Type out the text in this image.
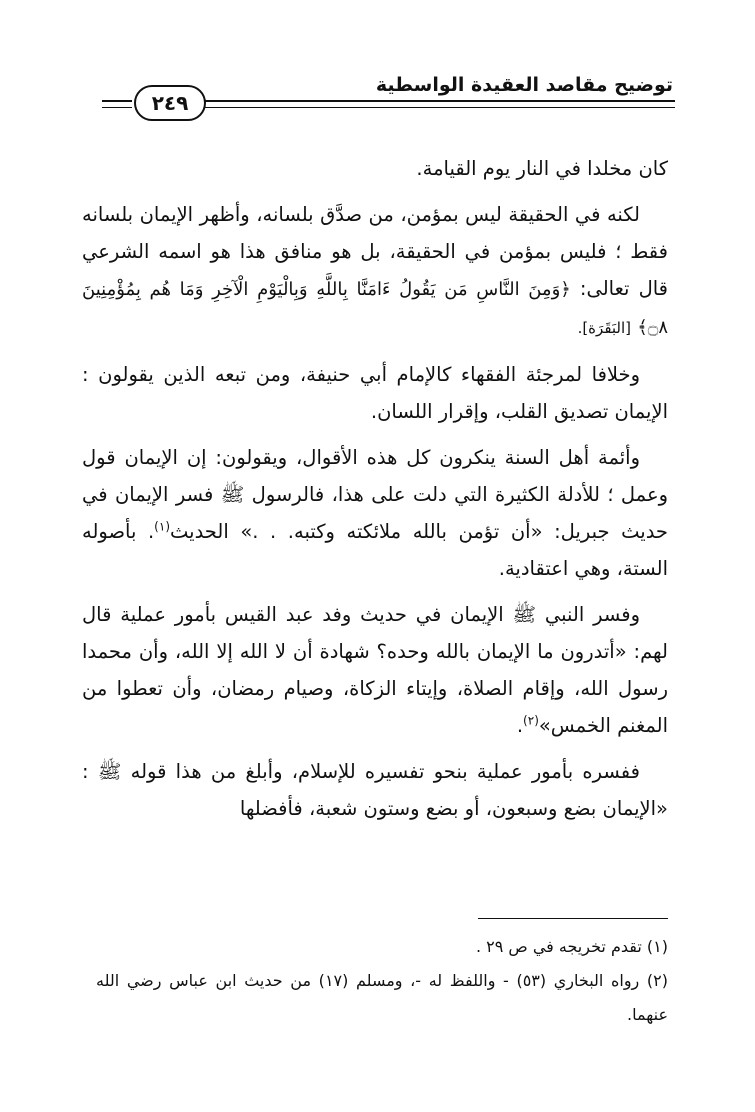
توضيح مقاصد العقيدة الواسطية
٢٤٩

كان مخلدا في النار يوم القيامة.

لكنه في الحقيقة ليس بمؤمن، من صدَّق بلسانه، وأظهر الإيمان بلسانه فقط ؛ فليس بمؤمن في الحقيقة، بل هو منافق هذا هو اسمه الشرعي قال تعالى: ﴿وَمِنَ النَّاسِ مَن يَقُولُ ءَامَنَّا بِاللَّهِ وَبِالْيَوْمِ الْآخِرِ وَمَا هُم بِمُؤْمِنِينَ ۝٨﴾ [البَقَرَة].

وخلافا لمرجئة الفقهاء كالإمام أبي حنيفة، ومن تبعه الذين يقولون : الإيمان تصديق القلب، وإقرار اللسان.

وأئمة أهل السنة ينكرون كل هذه الأقوال، ويقولون: إن الإيمان قول وعمل ؛ للأدلة الكثيرة التي دلت على هذا، فالرسول ﷺ فسر الإيمان في حديث جبريل: «أن تؤمن بالله ملائكته وكتبه. . .» الحديث$^{(١)}$. بأصوله الستة، وهي اعتقادية.

وفسر النبي ﷺ الإيمان في حديث وفد عبد القيس بأمور عملية قال لهم: «أتدرون ما الإيمان بالله وحده؟ شهادة أن لا الله إلا الله، وأن محمدا رسول الله، وإقام الصلاة، وإيتاء الزكاة، وصيام رمضان، وأن تعطوا من المغنم الخمس»$^{(٢)}$.

ففسره بأمور عملية بنحو تفسيره للإسلام، وأبلغ من هذا قوله ﷺ : «الإيمان بضع وسبعون، أو بضع وستون شعبة، فأفضلها

(١) تقدم تخريجه في ص ٢٩ .

(٢) رواه البخاري (٥٣) - واللفظ له -، ومسلم (١٧) من حديث ابن عباس رضي الله عنهما.
